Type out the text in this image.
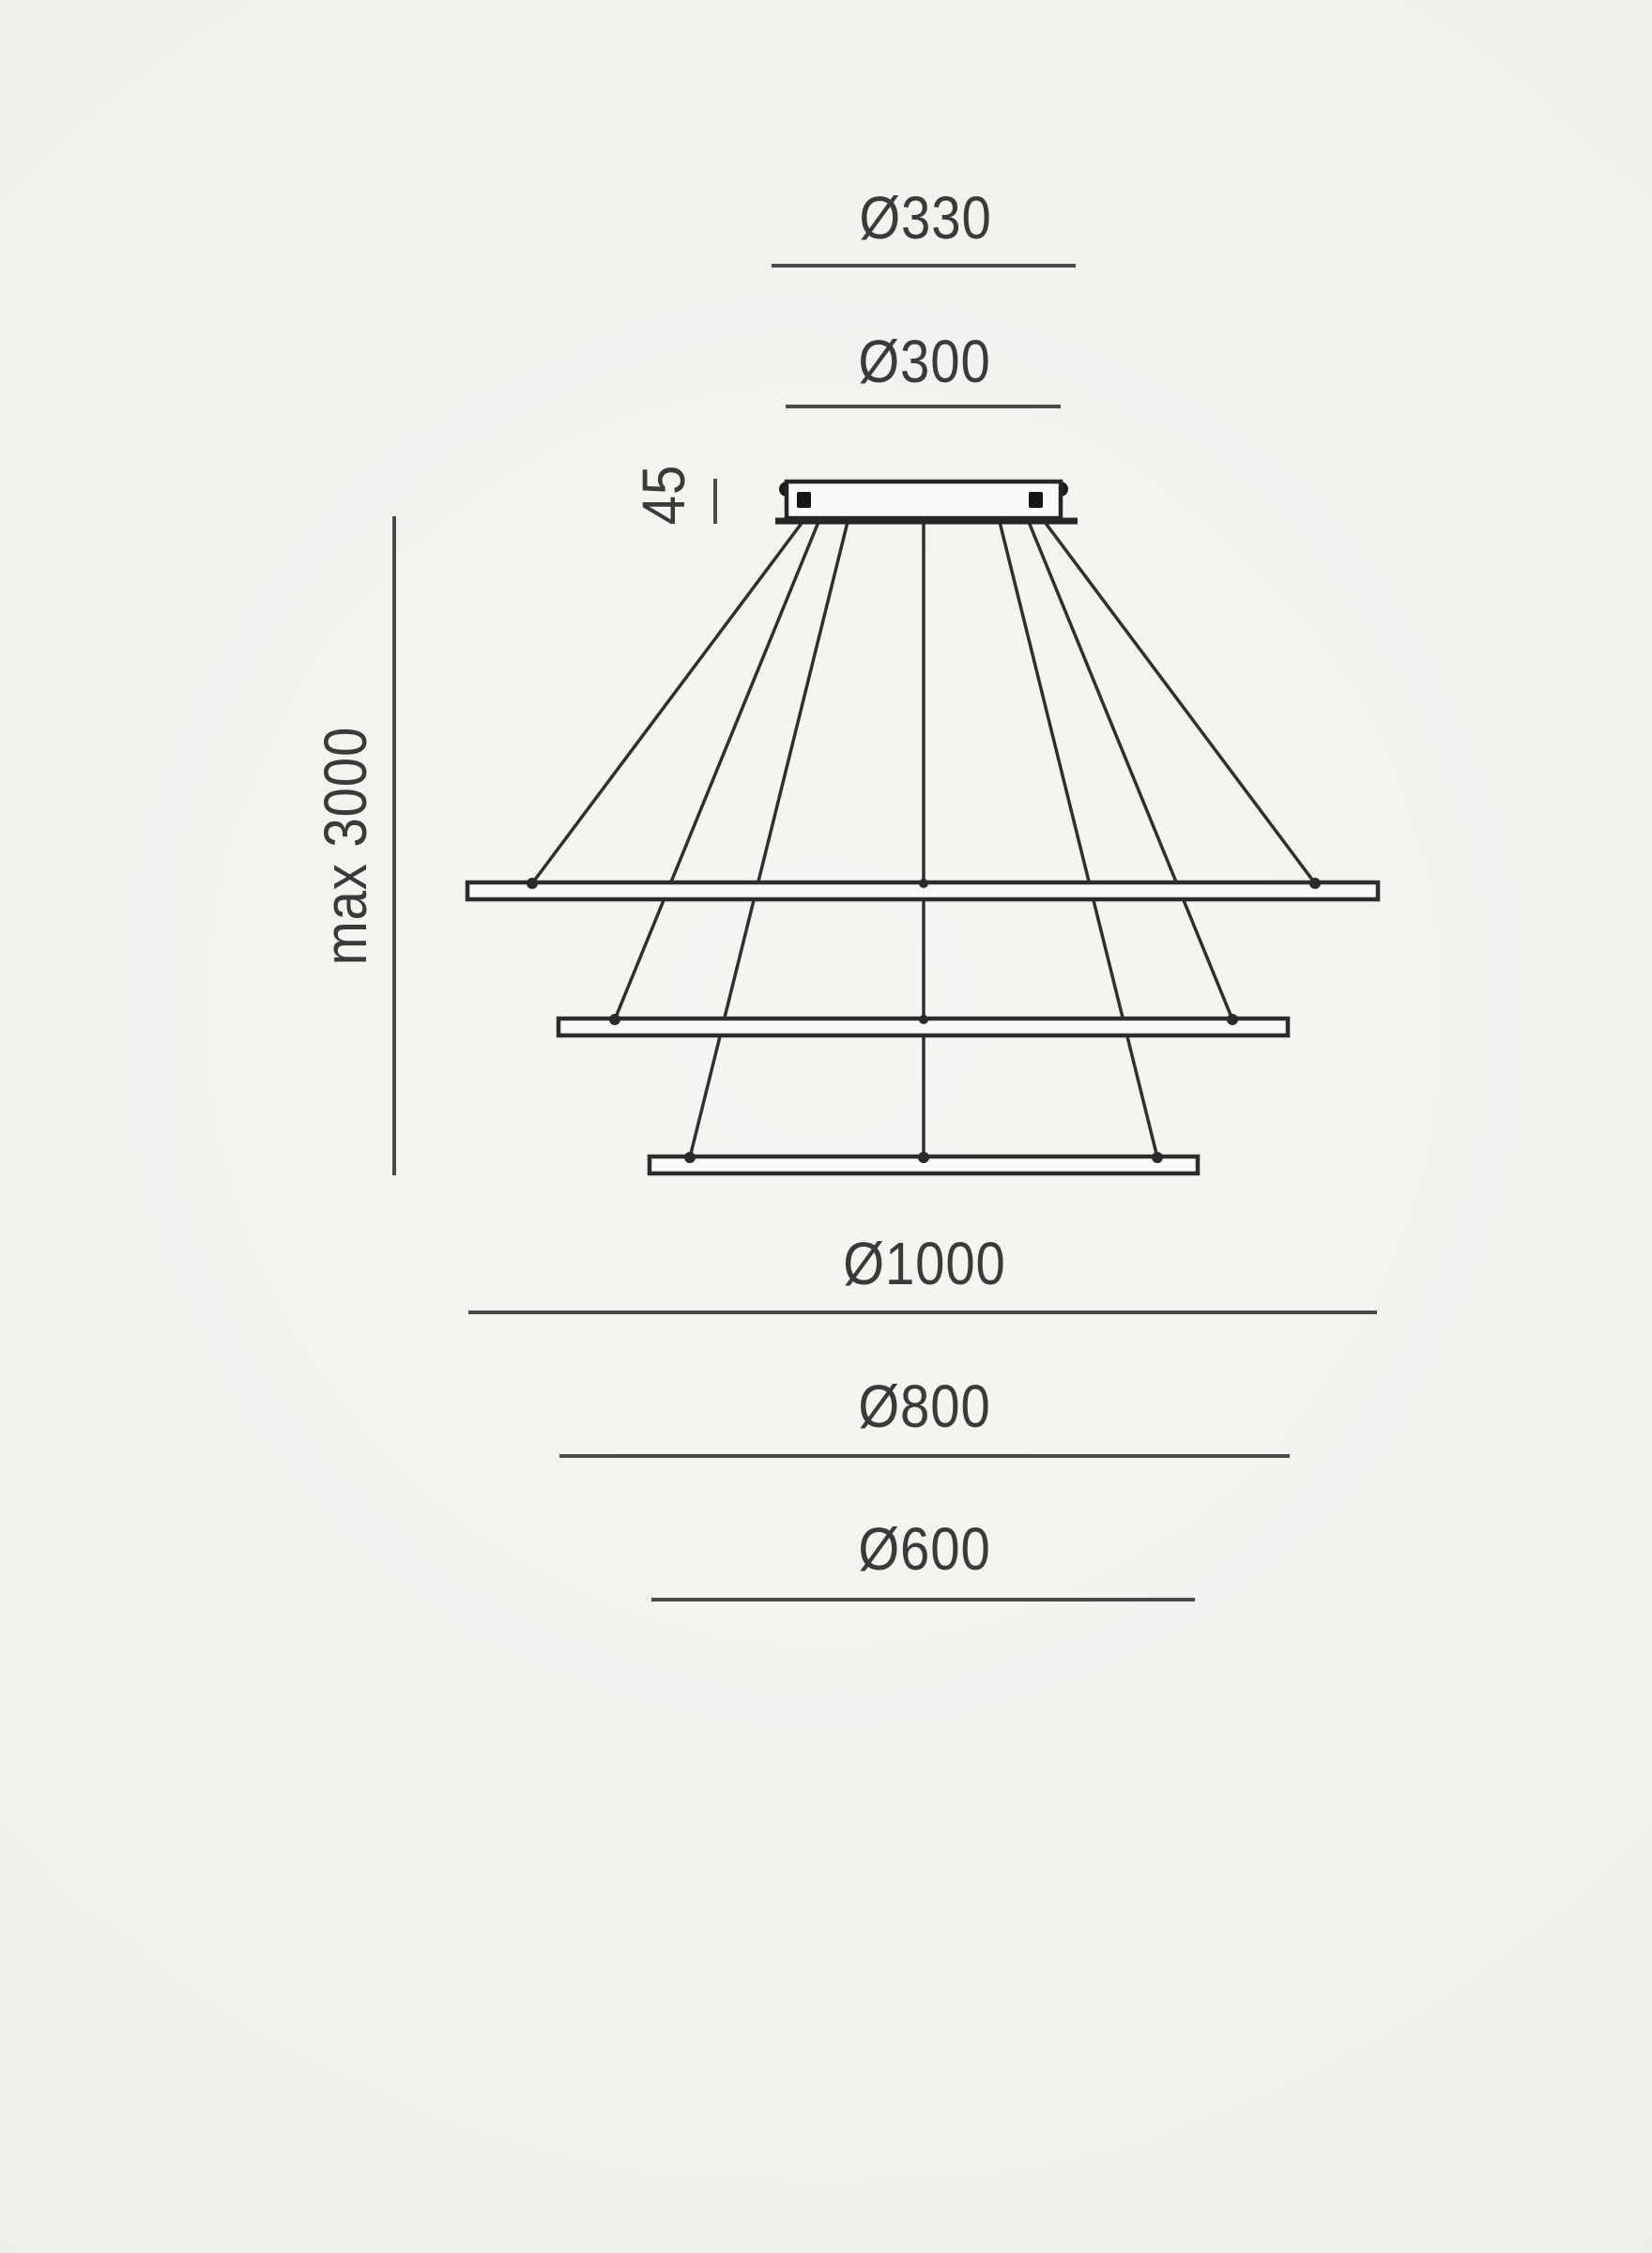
Ø330
Ø300
45
max 3000
Ø1000
Ø800
Ø600
